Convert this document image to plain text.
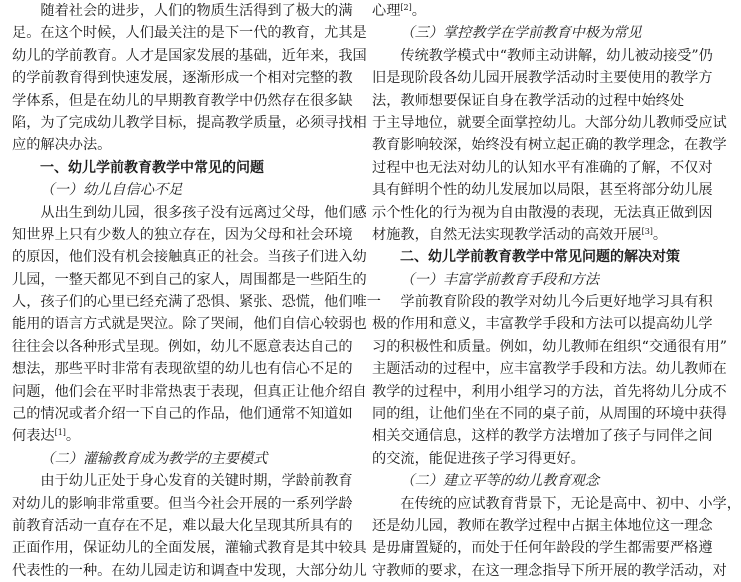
随着社会的进步，人们的物质生活得到了极大的满
足。在这个时候，人们最关注的是下一代的教育，尤其是
幼儿的学前教育。人才是国家发展的基础，近年来，我国
的学前教育得到快速发展，逐渐形成一个相对完整的教
学体系，但是在幼儿的早期教育教学中仍然存在很多缺
陷，为了完成幼儿教学目标，提高教学质量，必须寻找相
应的解决办法。
一、幼儿学前教育教学中常见的问题
（一）幼儿自信心不足
从出生到幼儿园，很多孩子没有远离过父母，他们感
知世界上只有少数人的独立存在，因为父母和社会环境
的原因，他们没有机会接触真正的社会。当孩子们进入幼
儿园，一整天都见不到自己的家人，周围都是一些陌生的
人，孩子们的心里已经充满了恐惧、紧张、恐慌，他们唯一
能用的语言方式就是哭泣。除了哭闹，他们自信心较弱也
往往会以各种形式呈现。例如，幼儿不愿意表达自己的
想法，那些平时非常有表现欲望的幼儿也有信心不足的
问题，他们会在平时非常热衷于表现，但真正让他介绍自
己的情况或者介绍一下自己的作品，他们通常不知道如
何表达[1]。
（二）灌输教育成为教学的主要模式
由于幼儿正处于身心发育的关键时期，学龄前教育
对幼儿的影响非常重要。但当今社会开展的一系列学龄
前教育活动一直存在不足，难以最大化呈现其所具有的
正面作用，保证幼儿的全面发展，灌输式教育是其中较具
代表性的一种。在幼儿园走访和调查中发现，大部分幼儿
心理[2]。
（三）掌控教学在学前教育中极为常见
传统教学模式中“教师主动讲解，幼儿被动接受”仍
旧是现阶段各幼儿园开展教学活动时主要使用的教学方
法，教师想要保证自身在教学活动的过程中始终处
于主导地位，就要全面掌控幼儿。大部分幼儿教师受应试
教育影响较深，始终没有树立起正确的教学理念，在教学
过程中也无法对幼儿的认知水平有准确的了解，不仅对
具有鲜明个性的幼儿发展加以局限，甚至将部分幼儿展
示个性化的行为视为自由散漫的表现，无法真正做到因
材施教，自然无法实现教学活动的高效开展[3]。
二、幼儿学前教育教学中常见问题的解决对策
（一）丰富学前教育手段和方法
学前教育阶段的教学对幼儿今后更好地学习具有积
极的作用和意义，丰富教学手段和方法可以提高幼儿学
习的积极性和质量。例如，幼儿教师在组织“交通很有用”
主题活动的过程中，应丰富教学手段和方法。幼儿教师在
教学的过程中，利用小组学习的方法，首先将幼儿分成不
同的组，让他们坐在不同的桌子前，从周围的环境中获得
相关交通信息，这样的教学方法增加了孩子与同伴之间
的交流，能促进孩子学习得更好。
（二）建立平等的幼儿教育观念
在传统的应试教育背景下，无论是高中、初中、小学，
还是幼儿园，教师在教学过程中占据主体地位这一理念
是毋庸置疑的，而处于任何年龄段的学生都需要严格遵
守教师的要求，在这一理念指导下所开展的教学活动，对
